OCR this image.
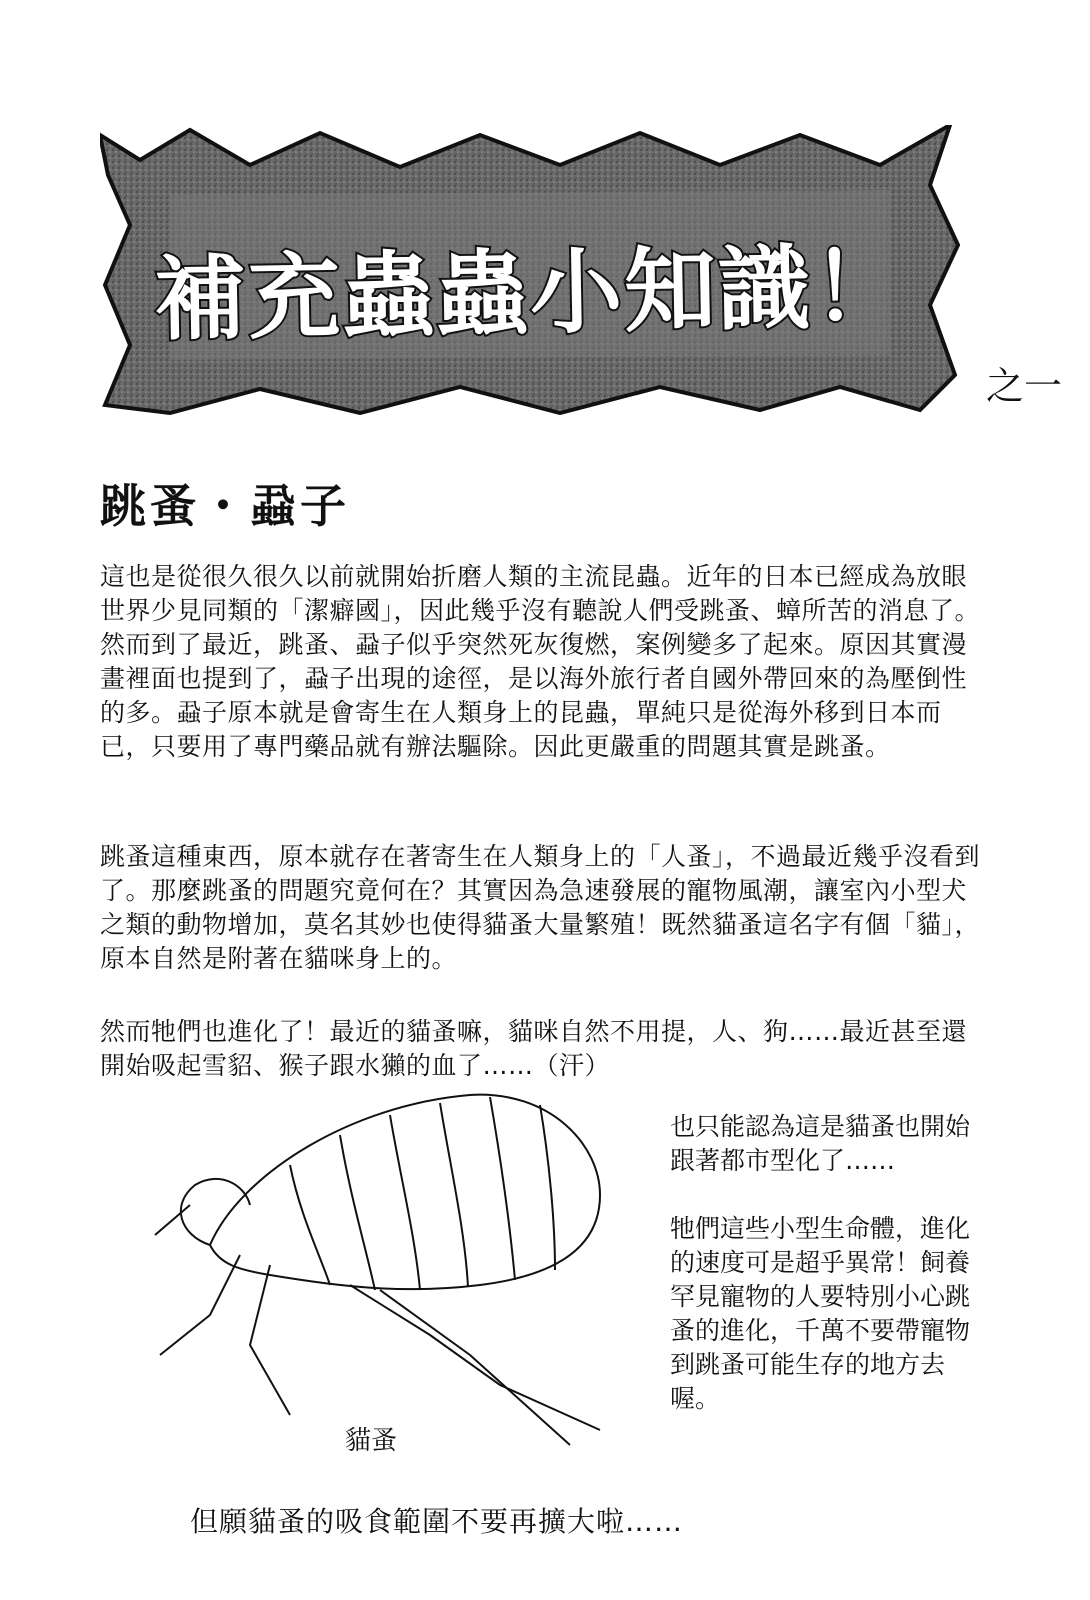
補充蟲蟲小知識！
之一
跳蚤・蝨子
這也是從很久很久以前就開始折磨人類的主流昆蟲。近年的日本已經成為放眼世界少見同類的「潔癖國」，因此幾乎沒有聽說人們受跳蚤、蟑所苦的消息了。然而到了最近，跳蚤、蝨子似乎突然死灰復燃，案例變多了起來。原因其實漫畫裡面也提到了，蝨子出現的途徑，是以海外旅行者自國外帶回來的為壓倒性的多。蝨子原本就是會寄生在人類身上的昆蟲，單純只是從海外移到日本而已，只要用了專門藥品就有辦法驅除。因此更嚴重的問題其實是跳蚤。
跳蚤這種東西，原本就存在著寄生在人類身上的「人蚤」，不過最近幾乎沒看到了。那麼跳蚤的問題究竟何在？其實因為急速發展的寵物風潮，讓室內小型犬之類的動物增加，莫名其妙也使得貓蚤大量繁殖！既然貓蚤這名字有個「貓」，原本自然是附著在貓咪身上的。
然而牠們也進化了！最近的貓蚤嘛，貓咪自然不用提，人、狗……最近甚至還開始吸起雪貂、猴子跟水獺的血了……（汗）
貓蚤
也只能認為這是貓蚤也開始跟著都市型化了……
牠們這些小型生命體，進化的速度可是超乎異常！飼養罕見寵物的人要特別小心跳蚤的進化，千萬不要帶寵物到跳蚤可能生存的地方去喔。
但願貓蚤的吸食範圍不要再擴大啦……
